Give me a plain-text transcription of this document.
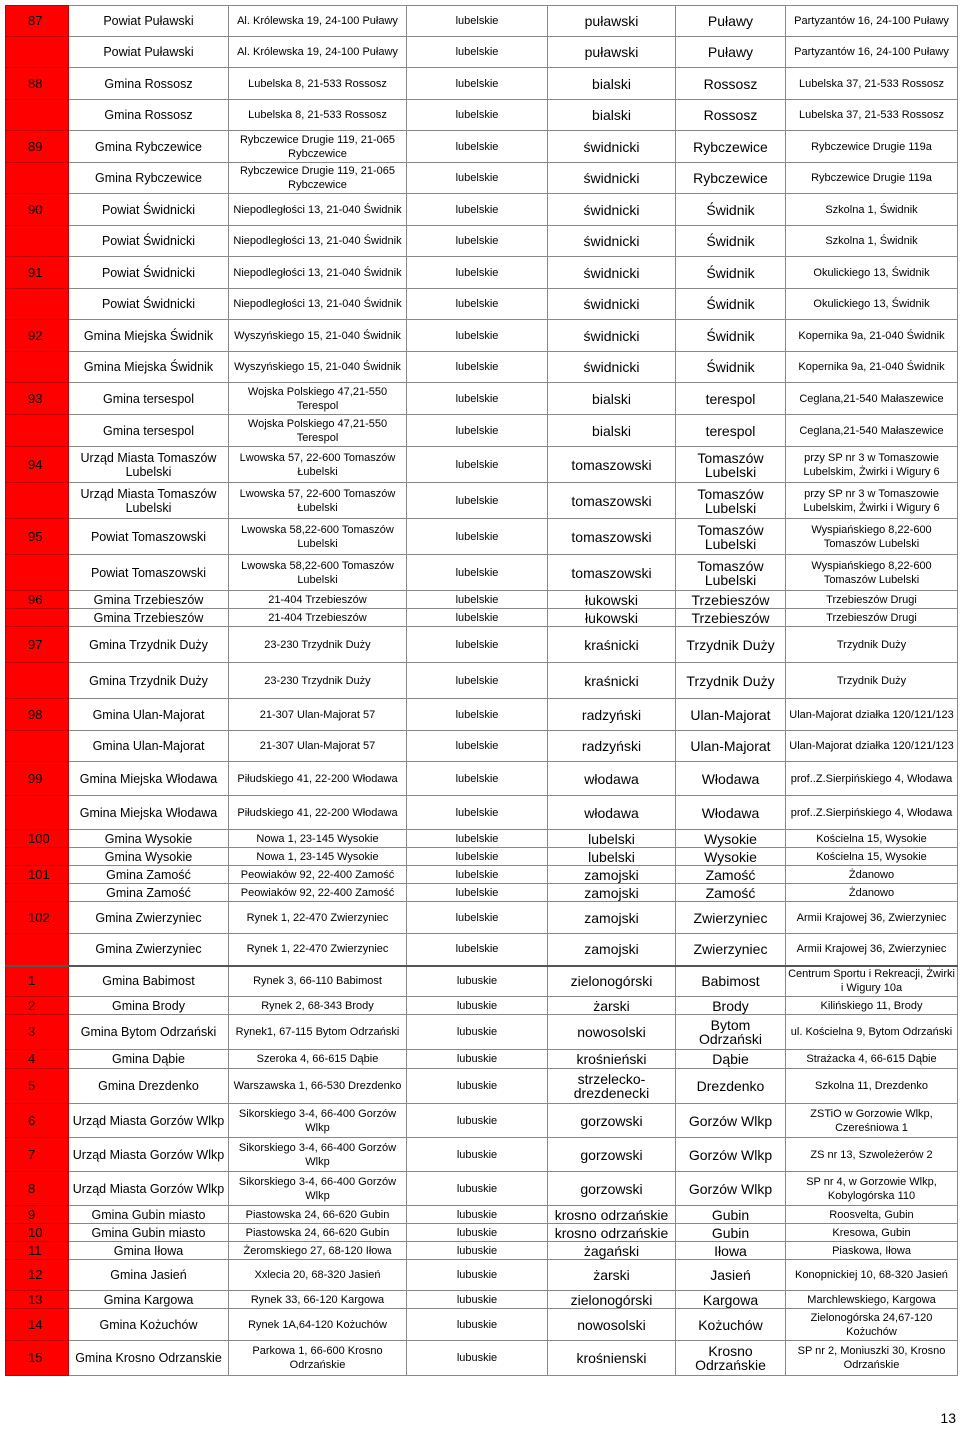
87	Powiat Puławski	Al. Królewska 19, 24-100 Puławy	lubelskie	puławski	Puławy	Partyzantów 16, 24-100 Puławy
	Powiat Puławski	Al. Królewska 19, 24-100 Puławy	lubelskie	puławski	Puławy	Partyzantów 16, 24-100 Puławy
88	Gmina Rossosz	Lubelska 8, 21-533 Rossosz	lubelskie	bialski	Rossosz	Lubelska 37, 21-533 Rossosz
	Gmina Rossosz	Lubelska 8, 21-533 Rossosz	lubelskie	bialski	Rossosz	Lubelska 37, 21-533 Rossosz
89	Gmina Rybczewice	Rybczewice Drugie 119, 21-065 Rybczewice	lubelskie	świdnicki	Rybczewice	Rybczewice Drugie 119a
	Gmina Rybczewice	Rybczewice Drugie 119, 21-065 Rybczewice	lubelskie	świdnicki	Rybczewice	Rybczewice Drugie 119a
90	Powiat Świdnicki	Niepodległości 13, 21-040 Świdnik	lubelskie	świdnicki	Świdnik	Szkolna 1, Świdnik
	Powiat Świdnicki	Niepodległości 13, 21-040 Świdnik	lubelskie	świdnicki	Świdnik	Szkolna 1, Świdnik
91	Powiat Świdnicki	Niepodległości 13, 21-040 Świdnik	lubelskie	świdnicki	Świdnik	Okulickiego 13, Świdnik
	Powiat Świdnicki	Niepodległości 13, 21-040 Świdnik	lubelskie	świdnicki	Świdnik	Okulickiego 13, Świdnik
92	Gmina Miejska Świdnik	Wyszyńskiego 15, 21-040 Świdnik	lubelskie	świdnicki	Świdnik	Kopernika 9a, 21-040 Świdnik
	Gmina Miejska Świdnik	Wyszyńskiego 15, 21-040 Świdnik	lubelskie	świdnicki	Świdnik	Kopernika 9a, 21-040 Świdnik
93	Gmina tersespol	Wojska Polskiego 47,21-550 Terespol	lubelskie	bialski	terespol	Ceglana,21-540 Małaszewice
	Gmina tersespol	Wojska Polskiego 47,21-550 Terespol	lubelskie	bialski	terespol	Ceglana,21-540 Małaszewice
94	Urząd Miasta Tomaszów Lubelski	Lwowska 57, 22-600 Tomaszów Łubelski	lubelskie	tomaszowski	Tomaszów Lubelski	przy SP nr 3 w Tomaszowie Lubelskim, Żwirki i Wigury 6
	Urząd Miasta Tomaszów Lubelski	Lwowska 57, 22-600 Tomaszów Łubelski	lubelskie	tomaszowski	Tomaszów Lubelski	przy SP nr 3 w Tomaszowie Lubelskim, Żwirki i Wigury 6
95	Powiat Tomaszowski	Lwowska 58,22-600 Tomaszów Lubelski	lubelskie	tomaszowski	Tomaszów Lubelski	Wyspiańskiego 8,22-600 Tomaszów Lubelski
	Powiat Tomaszowski	Lwowska 58,22-600 Tomaszów Lubelski	lubelskie	tomaszowski	Tomaszów Lubelski	Wyspiańskiego 8,22-600 Tomaszów Lubelski
96	Gmina Trzebieszów	21-404 Trzebieszów	lubelskie	łukowski	Trzebieszów	Trzebieszów Drugi
	Gmina Trzebieszów	21-404 Trzebieszów	lubelskie	łukowski	Trzebieszów	Trzebieszów Drugi
97	Gmina Trzydnik Duży	23-230 Trzydnik Duży	lubelskie	kraśnicki	Trzydnik Duży	Trzydnik Duży
	Gmina Trzydnik Duży	23-230 Trzydnik Duży	lubelskie	kraśnicki	Trzydnik Duży	Trzydnik Duży
98	Gmina Ulan-Majorat	21-307 Ulan-Majorat 57	lubelskie	radzyński	Ulan-Majorat	Ulan-Majorat działka 120/121/123
	Gmina Ulan-Majorat	21-307 Ulan-Majorat 57	lubelskie	radzyński	Ulan-Majorat	Ulan-Majorat działka 120/121/123
99	Gmina Miejska Włodawa	Piłudskiego 41, 22-200 Włodawa	lubelskie	włodawa	Włodawa	prof..Z.Sierpińskiego 4, Włodawa
	Gmina Miejska Włodawa	Piłudskiego 41, 22-200 Włodawa	lubelskie	włodawa	Włodawa	prof..Z.Sierpińskiego 4, Włodawa
100	Gmina Wysokie	Nowa 1, 23-145 Wysokie	lubelskie	lubelski	Wysokie	Kościelna 15, Wysokie
	Gmina Wysokie	Nowa 1, 23-145 Wysokie	lubelskie	lubelski	Wysokie	Kościelna 15, Wysokie
101	Gmina Zamość	Peowiaków 92, 22-400 Zamość	lubelskie	zamojski	Zamość	Żdanowo
	Gmina Zamość	Peowiaków 92, 22-400 Zamość	lubelskie	zamojski	Zamość	Żdanowo
102	Gmina Zwierzyniec	Rynek 1, 22-470 Zwierzyniec	lubelskie	zamojski	Zwierzyniec	Armii Krajowej 36, Zwierzyniec
	Gmina Zwierzyniec	Rynek 1, 22-470 Zwierzyniec	lubelskie	zamojski	Zwierzyniec	Armii Krajowej 36, Zwierzyniec
1	Gmina Babimost	Rynek 3, 66-110 Babimost	lubuskie	zielonogórski	Babimost	Centrum Sportu i Rekreacji, Żwirki i Wigury 10a
2	Gmina Brody	Rynek 2, 68-343 Brody	lubuskie	żarski	Brody	Kilińskiego 11, Brody
3	Gmina Bytom Odrzański	Rynek1, 67-115 Bytom Odrzański	lubuskie	nowosolski	Bytom Odrzański	ul. Kościelna 9, Bytom Odrzański
4	Gmina Dąbie	Szeroka 4, 66-615 Dąbie	lubuskie	krośnieński	Dąbie	Strażacka 4, 66-615 Dąbie
5	Gmina Drezdenko	Warszawska 1, 66-530 Drezdenko	lubuskie	strzelecko-drezdenecki	Drezdenko	Szkolna 11, Drezdenko
6	Urząd Miasta Gorzów Wlkp	Sikorskiego 3-4, 66-400 Gorzów Wlkp	lubuskie	gorzowski	Gorzów Wlkp	ZSTiO w Gorzowie Wlkp, Czereśniowa 1
7	Urząd Miasta Gorzów Wlkp	Sikorskiego 3-4, 66-400 Gorzów Wlkp	lubuskie	gorzowski	Gorzów Wlkp	ZS nr 13, Szwoleżerów 2
8	Urząd Miasta Gorzów Wlkp	Sikorskiego 3-4, 66-400 Gorzów Wlkp	lubuskie	gorzowski	Gorzów Wlkp	SP nr 4, w Gorzowie Wlkp, Kobylogórska 110
9	Gmina Gubin miasto	Piastowska 24, 66-620 Gubin	lubuskie	krosno odrzańskie	Gubin	Roosvelta, Gubin
10	Gmina Gubin miasto	Piastowska 24, 66-620 Gubin	lubuskie	krosno odrzańskie	Gubin	Kresowa, Gubin
11	Gmina Iłowa	Żeromskiego 27, 68-120 Iłowa	lubuskie	żagański	Iłowa	Piaskowa, Iłowa
12	Gmina Jasień	Xxlecia 20, 68-320 Jasień	lubuskie	żarski	Jasień	Konopnickiej 10, 68-320 Jasień
13	Gmina Kargowa	Rynek 33, 66-120 Kargowa	lubuskie	zielonogórski	Kargowa	Marchlewskiego, Kargowa
14	Gmina Kożuchów	Rynek 1A,64-120 Kożuchów	lubuskie	nowosolski	Kożuchów	Zielonogórska 24,67-120 Kożuchów
15	Gmina Krosno Odrzanskie	Parkowa 1, 66-600 Krosno Odrzańskie	lubuskie	krośnienski	Krosno Odrzańskie	SP nr 2, Moniuszki 30, Krosno Odrzańskie
13
